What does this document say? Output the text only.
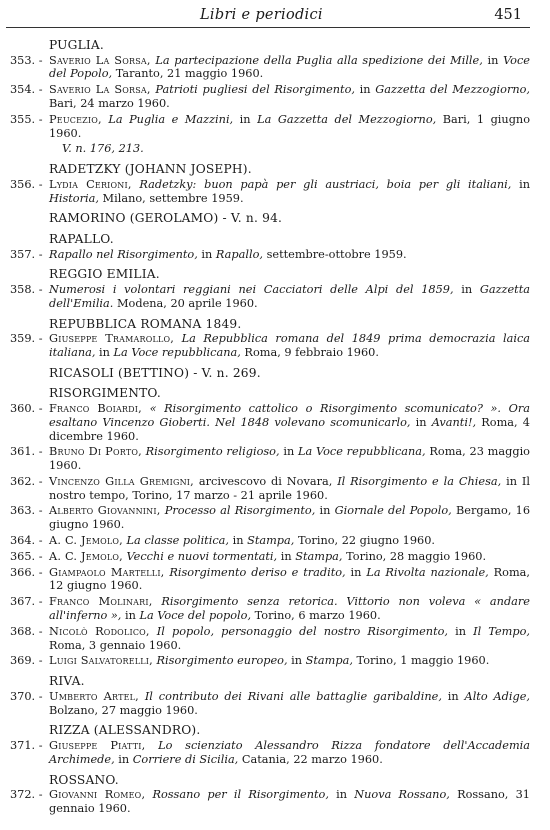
Libri e periodici	451
PUGLIA.
353. - Saverio La Sorsa, La partecipazione della Puglia alla spedizione dei Mille, in Voce del Popolo, Taranto, 21 maggio 1960.
354. - Saverio La Sorsa, Patrioti pugliesi del Risorgimento, in Gazzetta del Mezzogiorno, Bari, 24 marzo 1960.
355. - Peucezio, La Puglia e Mazzini, in La Gazzetta del Mezzogiorno, Bari, 1 giugno 1960.
V. n. 176, 213.
RADETZKY (JOHANN JOSEPH).
356. - Lydia Cerioni, Radetzky: buon papà per gli austriaci, boia per gli italiani, in Historia, Milano, settembre 1959.
RAMORINO (GEROLAMO) - V. n. 94.
RAPALLO.
357. - Rapallo nel Risorgimento, in Rapallo, settembre-ottobre 1959.
REGGIO EMILIA.
358. - Numerosi i volontari reggiani nei Cacciatori delle Alpi del 1859, in Gazzetta dell'Emilia. Modena, 20 aprile 1960.
REPUBBLICA ROMANA 1849.
359. - Giuseppe Tramarollo, La Repubblica romana del 1849 prima democrazia laica italiana, in La Voce repubblicana, Roma, 9 febbraio 1960.
RICASOLI (BETTINO) - V. n. 269.
RISORGIMENTO.
360. - Franco Boiardi, « Risorgimento cattolico o Risorgimento scomunicato? ». Ora esaltano Vincenzo Gioberti. Nel 1848 volevano scomunicarlo, in Avanti!, Roma, 4 dicembre 1960.
361. - Bruno Di Porto, Risorgimento religioso, in La Voce repubblicana, Roma, 23 maggio 1960.
362. - Vincenzo Gilla Gremigni, arcivescovo di Novara, Il Risorgimento e la Chiesa, in Il nostro tempo, Torino, 17 marzo - 21 aprile 1960.
363. - Alberto Giovannini, Processo al Risorgimento, in Giornale del Popolo, Bergamo, 16 giugno 1960.
364. - A. C. Jemolo, La classe politica, in Stampa, Torino, 22 giugno 1960.
365. - A. C. Jemolo, Vecchi e nuovi tormentati, in Stampa, Torino, 28 maggio 1960.
366. - Giampaolo Martelli, Risorgimento deriso e tradito, in La Rivolta nazionale, Roma, 12 giugno 1960.
367. - Franco Molinari, Risorgimento senza retorica. Vittorio non voleva « andare all'inferno », in La Voce del popolo, Torino, 6 marzo 1960.
368. - Nicolò Rodolico, Il popolo, personaggio del nostro Risorgimento, in Il Tempo, Roma, 3 gennaio 1960.
369. - Luigi Salvatorelli, Risorgimento europeo, in Stampa, Torino, 1 maggio 1960.
RIVA.
370. - Umberto Artel, Il contributo dei Rivani alle battaglie garibaldine, in Alto Adige, Bolzano, 27 maggio 1960.
RIZZA (ALESSANDRO).
371. - Giuseppe Piatti, Lo scienziato Alessandro Rizza fondatore dell'Accademia Archimede, in Corriere di Sicilia, Catania, 22 marzo 1960.
ROSSANO.
372. - Giovanni Romeo, Rossano per il Risorgimento, in Nuova Rossano, Rossano, 31 gennaio 1960.
